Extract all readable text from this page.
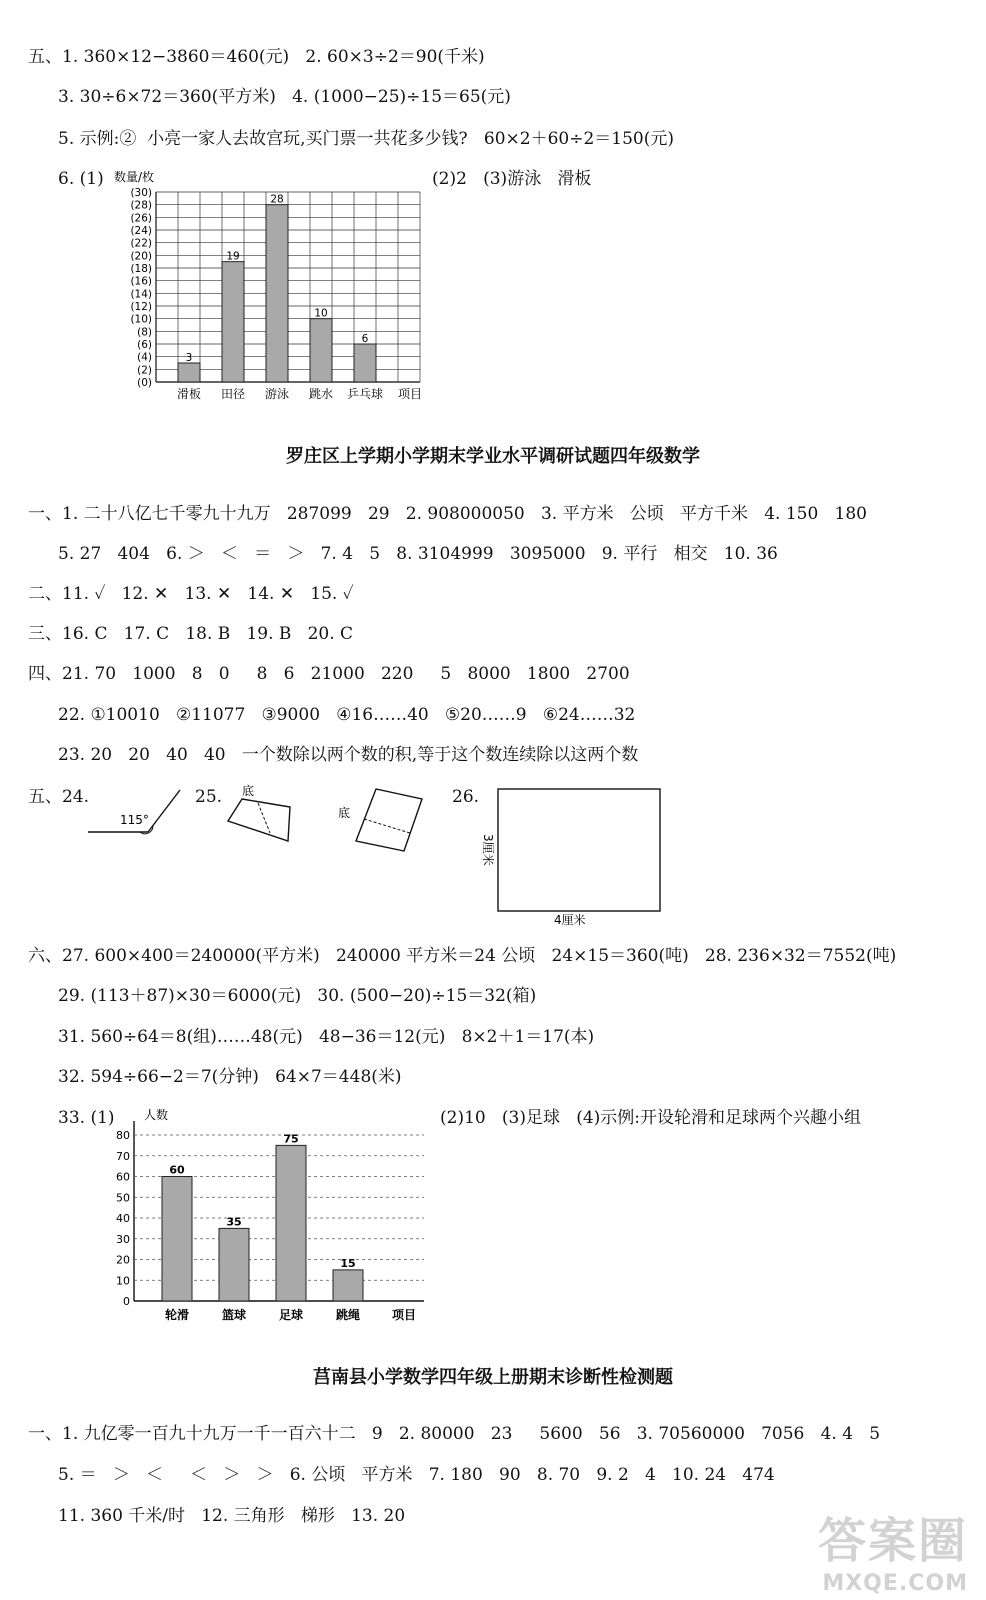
五、1. 360×12−3860＝460(元)   2. 60×3÷2＝90(千米)
3. 30÷6×72＝360(平方米)   4. (1000−25)÷15＝65(元)
5. 示例:②  小亮一家人去故宫玩,买门票一共花多少钱?   60×2＋60÷2＝150(元)
6. (1)	(2)2   (3)游泳   滑板
数量/枚
(0)
(2)
(4)
(6)
(8)
(10)
(12)
(14)
(16)
(18)
(20)
(22)
(24)
(26)
(28)
(30)
3
滑板
19
田径
28
游泳
10
跳水
6
乒乓球 项目
罗庄区上学期小学期末学业水平调研试题四年级数学
一、1. 二十八亿七千零九十九万   287099   29   2. 908000050   3. 平方米   公顷   平方千米   4. 150   180
5. 27   404   6. ＞   ＜   ＝   ＞   7. 4   5   8. 3104999   3095000   9. 平行   相交   10. 36
二、11. ✓   12. ✕   13. ✕   14. ✕   15. ✓
三、16. C   17. C   18. B   19. B   20. C
四、21. 70   1000   8   0     8   6   21000   220     5   8000   1800   2700
22. ①10010   ②11077   ③9000   ④16……40   ⑤20……9   ⑥24……32
23. 20   20   40   40   一个数除以两个数的积,等于这个数连续除以这两个数
五、24.
115°
25. 底
底
26.
3厘米
4厘米
六、27. 600×400＝240000(平方米)   240000 平方米＝24 公顷   24×15＝360(吨)   28. 236×32＝7552(吨)
29. (113＋87)×30＝6000(元)   30. (500−20)÷15＝32(箱)
31. 560÷64＝8(组)……48(元)   48−36＝12(元)   8×2＋1＝17(本)
32. 594÷66−2＝7(分钟)   64×7＝448(米)
33. (1)	(2)10   (3)足球   (4)示例:开设轮滑和足球两个兴趣小组
人数
0
10
20
30
40
50
60
70
80
60
轮滑
35
篮球
75
足球
15
跳绳	项目
莒南县小学数学四年级上册期末诊断性检测题
一、1. 九亿零一百九十九万一千一百六十二   9   2. 80000   23     5600   56   3. 70560000   7056   4. 4   5
5. ＝   ＞   ＜     ＜   ＞   ＞   6. 公顷   平方米   7. 180   90   8. 70   9. 2   4   10. 24   474
11. 360 千米/时   12. 三角形   梯形   13. 20	答案圈
MXQE.COM
